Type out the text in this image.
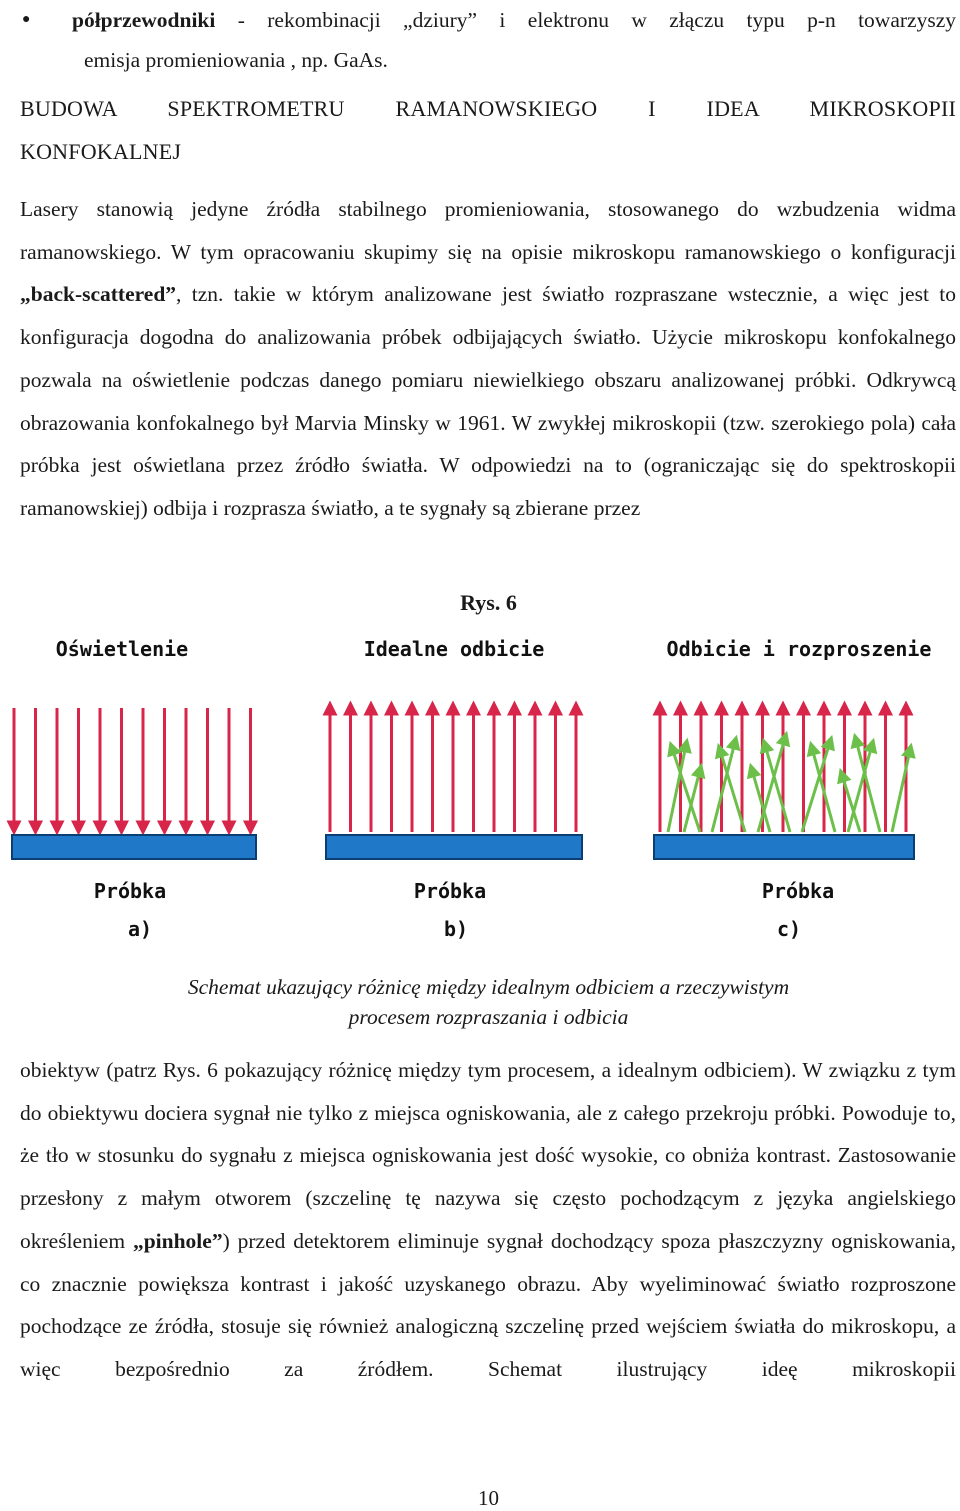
● półprzewodniki - rekombinacji „dziury” i elektronu w złączu typu p-n towarzyszy
emisja promieniowania , np. GaAs.

BUDOWA SPEKTROMETRU RAMANOWSKIEGO I IDEA MIKROSKOPII
KONFOKALNEJ

Lasery stanowią jedyne źródła stabilnego promieniowania, stosowanego do wzbudzenia widma ramanowskiego. W tym opracowaniu skupimy się na opisie mikroskopu ramanowskiego o konfiguracji „back-scattered”, tzn. takie w którym analizowane jest światło rozpraszane wstecznie, a więc jest to konfiguracja dogodna do analizowania próbek odbijających światło. Użycie mikroskopu konfokalnego pozwala na oświetlenie podczas danego pomiaru niewielkiego obszaru analizowanej próbki. Odkrywcą obrazowania konfokalnego był Marvia Minsky w 1961. W zwykłej mikroskopii (tzw. szerokiego pola) cała próbka jest oświetlana przez źródło światła. W odpowiedzi na to (ograniczając się do spektroskopii ramanowskiej) odbija i rozprasza światło, a te sygnały są zbierane przez

Rys. 6
Oświetlenie	Idealne odbicie	Odbicie i rozproszenie
Próbka	Próbka	Próbka
a)	b)	c)
Schemat ukazujący różnicę między idealnym odbiciem a rzeczywistym
procesem rozpraszania i odbicia

obiektyw (patrz Rys. 6 pokazujący różnicę między tym procesem, a idealnym odbiciem). W związku z tym do obiektywu dociera sygnał nie tylko z miejsca ogniskowania, ale z całego przekroju próbki. Powoduje to, że tło w stosunku do sygnału z miejsca ogniskowania jest dość wysokie, co obniża kontrast. Zastosowanie przesłony z małym otworem (szczelinę tę nazywa się często pochodzącym z języka angielskiego określeniem „pinhole”) przed detektorem eliminuje sygnał dochodzący spoza płaszczyzny ogniskowania, co znacznie powiększa kontrast i jakość uzyskanego obrazu. Aby wyeliminować światło rozproszone pochodzące ze źródła, stosuje się również analogiczną szczelinę przed wejściem światła do mikroskopu, a więc bezpośrednio za źródłem. Schemat ilustrujący ideę mikroskopii

10
